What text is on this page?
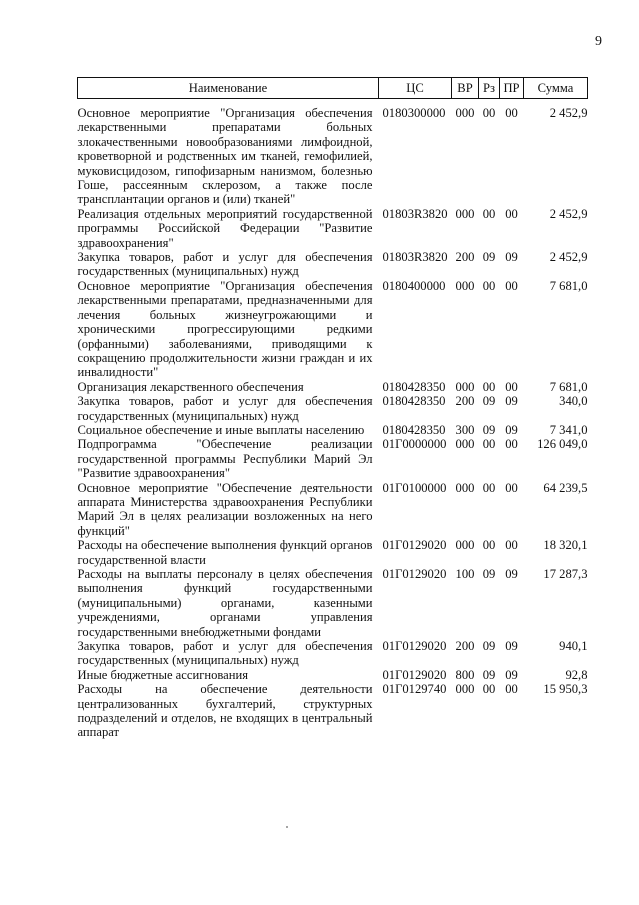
9
Наименование	ЦС	ВР	Рз	ПР	Сумма
Основное мероприятие "Организация обеспечения лекарственными препаратами больных злокачественными новообразованиями лимфоидной, кроветворной и родственных им тканей, гемофилией, муковисцидозом, гипофизарным нанизмом, болезнью Гоше, рассеянным склерозом, а также после трансплантации органов и (или) тканей"	0180300000	000	00	00	2 452,9
Реализация отдельных мероприятий государственной программы Российской Федерации "Развитие здравоохранения"	01803R3820	000	00	00	2 452,9
Закупка товаров, работ и услуг для обеспечения государственных (муниципальных) нужд	01803R3820	200	09	09	2 452,9
Основное мероприятие "Организация обеспечения лекарственными препаратами, предназначенными для лечения больных жизнеугрожающими и хроническими прогрессирующими редкими (орфанными) заболеваниями, приводящими к сокращению продолжительности жизни граждан и их инвалидности"	0180400000	000	00	00	7 681,0
Организация лекарственного обеспечения	0180428350	000	00	00	7 681,0
Закупка товаров, работ и услуг для обеспечения государственных (муниципальных) нужд	0180428350	200	09	09	340,0
Социальное обеспечение и иные выплаты населению	0180428350	300	09	09	7 341,0
Подпрограмма "Обеспечение реализации государственной программы Республики Марий Эл "Развитие здравоохранения"	01Г0000000	000	00	00	126 049,0
Основное мероприятие "Обеспечение деятельности аппарата Министерства здравоохранения Республики Марий Эл в целях реализации возложенных на него функций"	01Г0100000	000	00	00	64 239,5
Расходы на обеспечение выполнения функций органов государственной власти	01Г0129020	000	00	00	18 320,1
Расходы на выплаты персоналу в целях обеспечения выполнения функций государственными (муниципальными) органами, казенными учреждениями, органами управления государственными внебюджетными фондами	01Г0129020	100	09	09	17 287,3
Закупка товаров, работ и услуг для обеспечения государственных (муниципальных) нужд	01Г0129020	200	09	09	940,1
Иные бюджетные ассигнования	01Г0129020	800	09	09	92,8
Расходы на обеспечение деятельности централизованных бухгалтерий, структурных подразделений и отделов, не входящих в центральный аппарат	01Г0129740	000	00	00	15 950,3
